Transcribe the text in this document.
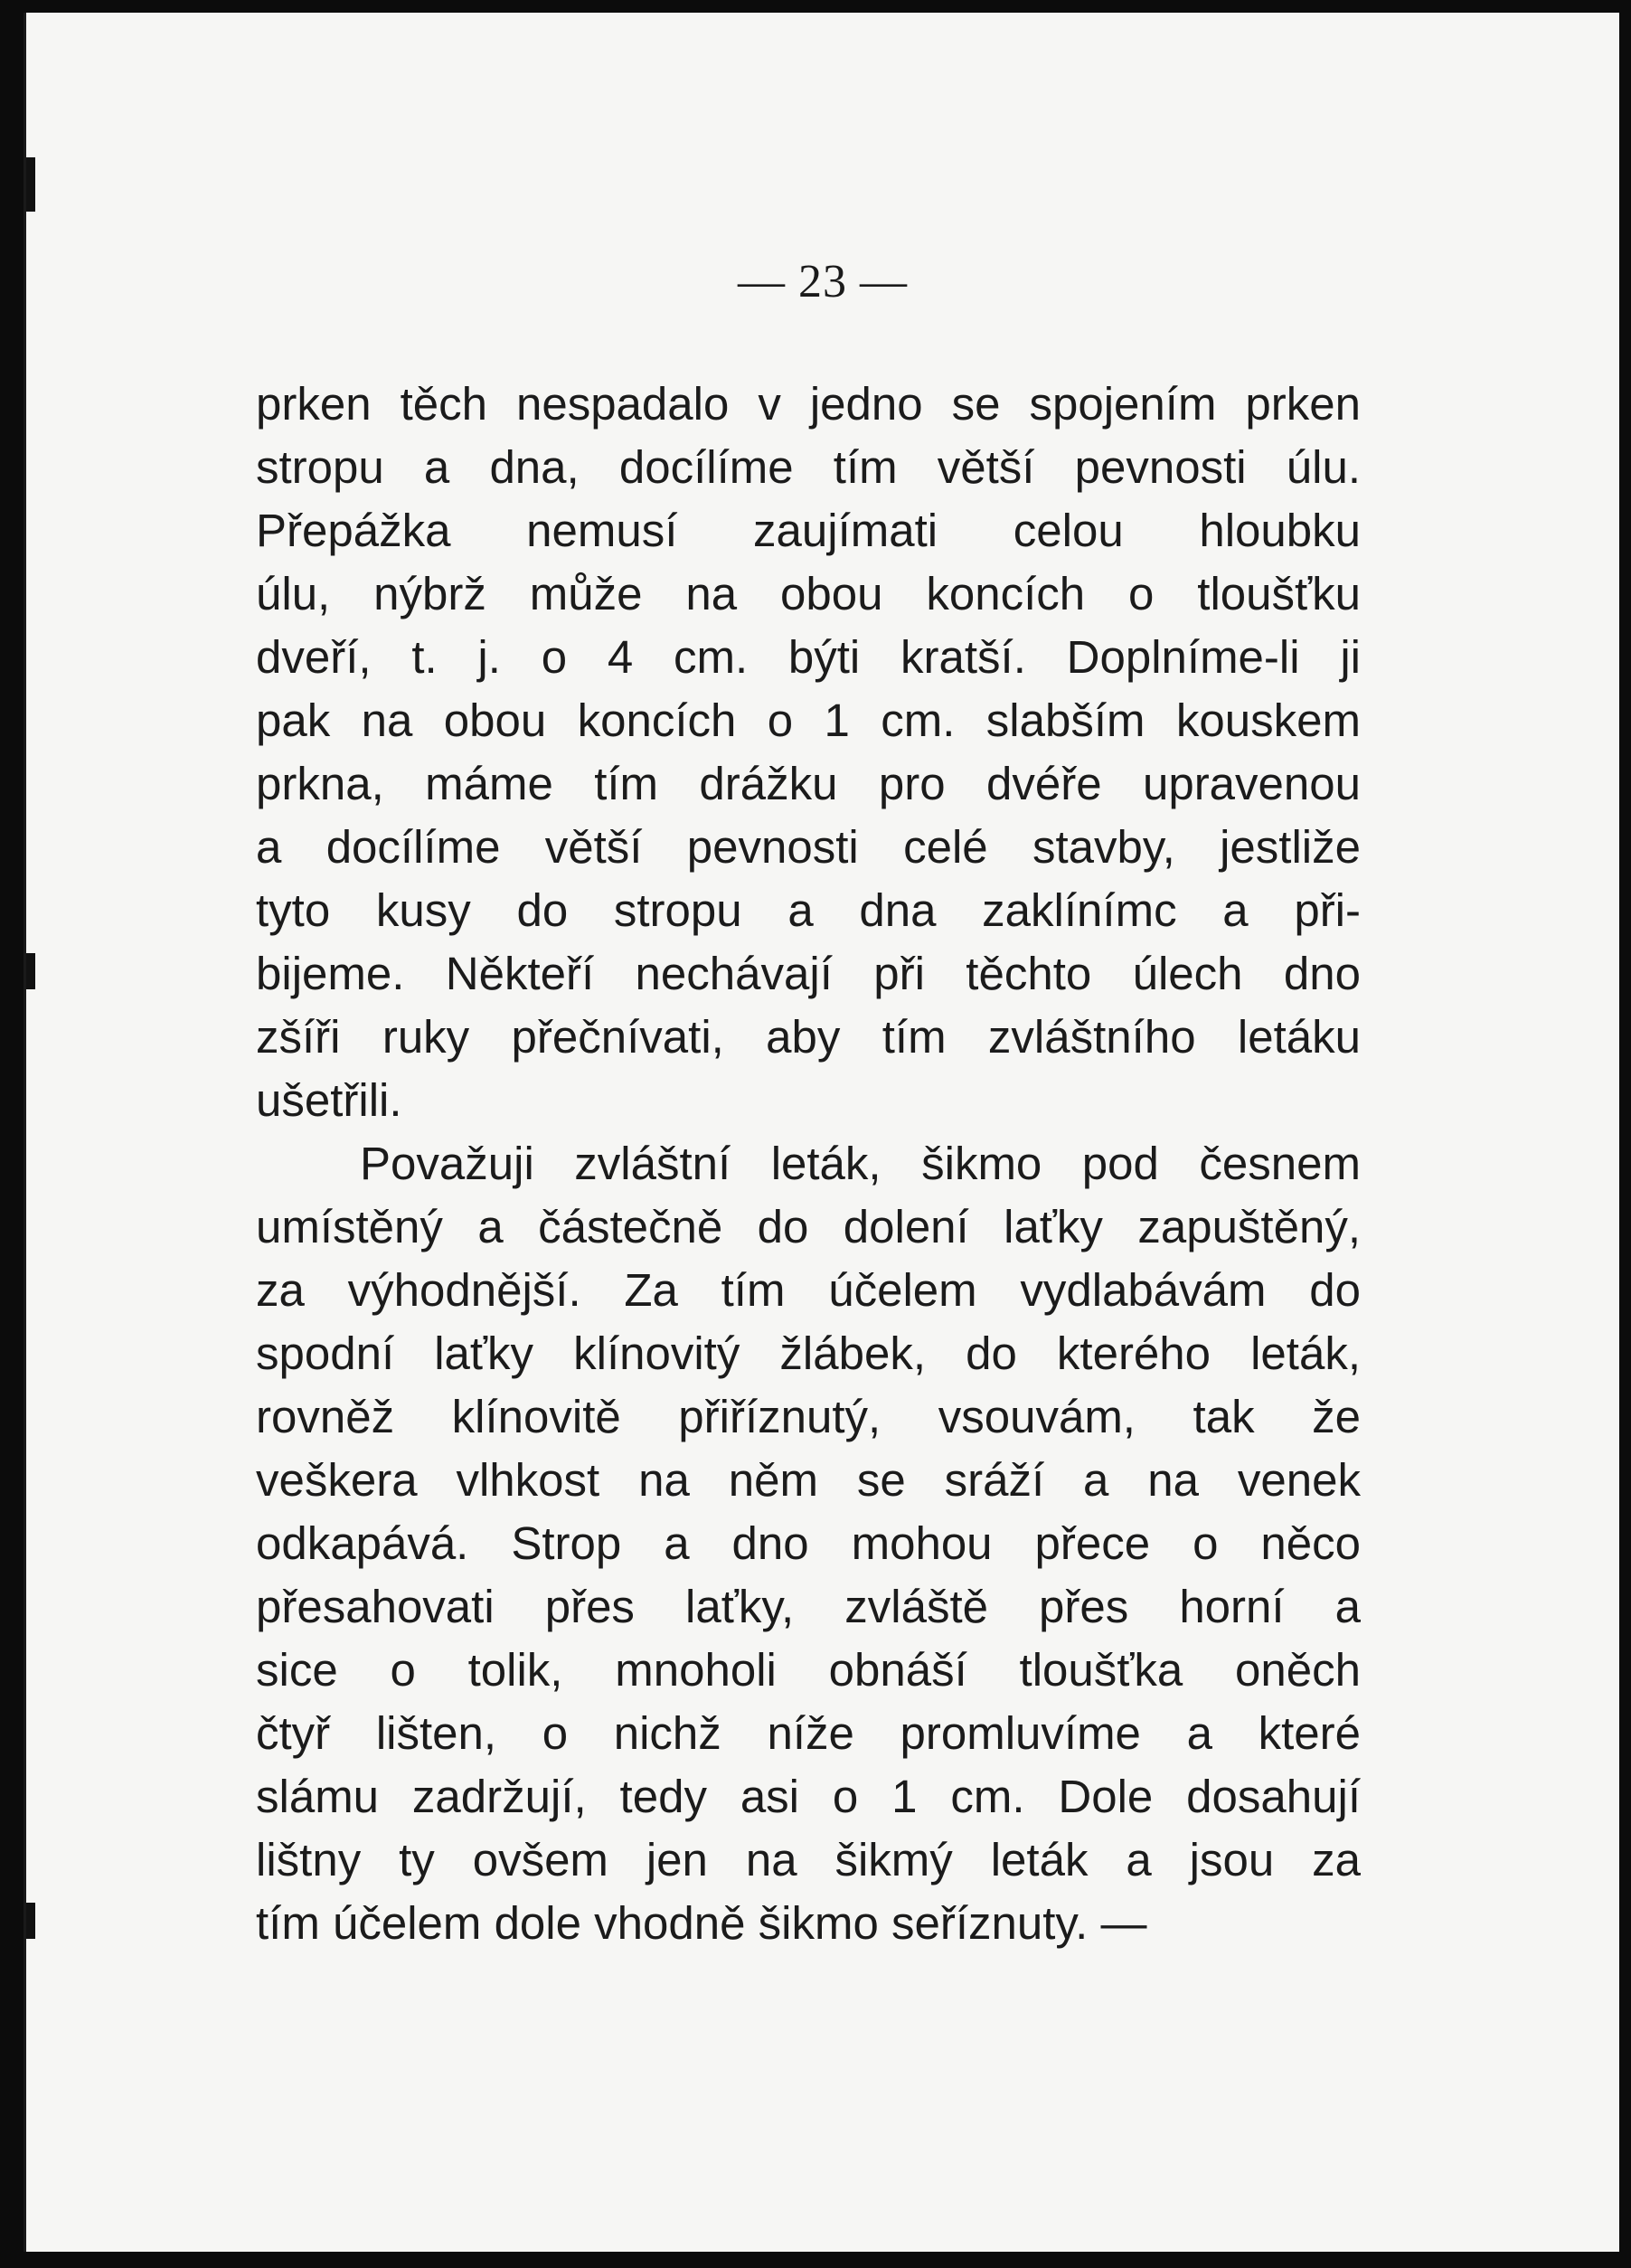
— 23 —
prken těch nespadalo v jedno se spojením prken
stropu a dna, docílíme tím větší pevnosti úlu.
Přepážka nemusí zaujímati celou hloubku
úlu, nýbrž může na obou koncích o tloušťku
dveří, t. j. o 4 cm. býti kratší. Doplníme-li ji
pak na obou koncích o 1 cm. slabším kouskem
prkna, máme tím drážku pro dvéře upravenou
a docílíme větší pevnosti celé stavby, jestliže
tyto kusy do stropu a dna zaklínímc a při-
bijeme. Někteří nechávají při těchto úlech dno
zšíři ruky přečnívati, aby tím zvláštního letáku
ušetřili.
Považuji zvláštní leták, šikmo pod česnem
umístěný a částečně do dolení laťky zapuštěný,
za výhodnější. Za tím účelem vydlabávám do
spodní laťky klínovitý žlábek, do kterého leták,
rovněž klínovitě přiříznutý, vsouvám, tak že
veškera vlhkost na něm se sráží a na venek
odkapává. Strop a dno mohou přece o něco
přesahovati přes laťky, zvláště přes horní a
sice o tolik, mnoholi obnáší tloušťka oněch
čtyř lišten, o nichž níže promluvíme a které
slámu zadržují, tedy asi o 1 cm. Dole dosahují
lištny ty ovšem jen na šikmý leták a jsou za
tím účelem dole vhodně šikmo seříznuty. —
